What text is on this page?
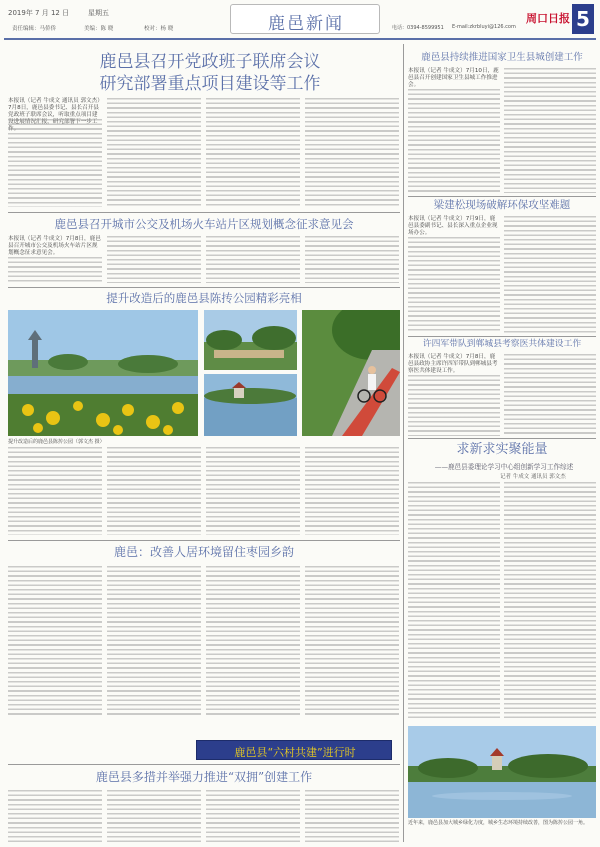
2019年 7 月 12 日	星期五
责任编辑：马侨侨	美编：陈 晓	校对：杨 晓	鹿邑新闻	电话：0394-8599951 E-mail:zkrbluyi@126.com
周口日报 5
鹿邑县召开党政班子联席会议
研究部署重点项目建设等工作
本报讯（记者 牛成文 通讯员 郭文杰）7月8日，鹿邑县委书记、县长召开县党政班子联席会议，听取重点项目建设进展情况汇报，研究部署下一步工作。
鹿邑县召开城市公交及机场火车站片区规划概念征求意见会
本报讯（记者 牛成文）7月8日，鹿邑县召开城市公交及机场火车站片区规划概念征求意见会。
提升改造后的鹿邑县陈抟公园精彩亮相
提升改造后的鹿邑县陈抟公园（郭文杰 摄）
鹿邑：改善人居环境留住枣园乡韵
鹿邑县“六村共建”进行时
鹿邑县多措并举强力推进“双拥”创建工作
鹿邑县持续推进国家卫生县城创建工作
本报讯（记者 牛成文）7月10日，鹿邑县召开创建国家卫生县城工作推进会。
梁建松现场破解环保攻坚难题
本报讯（记者 牛成文）7月9日，鹿邑县委副书记、县长深入重点企业现场办公。
许四军带队到郸城县考察医共体建设工作
本报讯（记者 牛成文）7月8日，鹿邑县政协主席许四军带队到郸城县考察医共体建设工作。
求新求实聚能量
——鹿邑县委理论学习中心组创新学习工作综述
记者 牛成文 通讯员 郭文杰
近年来，鹿邑县加大城乡绿化力度，城乡生态环境持续改善，图为陈抟公园一角。
